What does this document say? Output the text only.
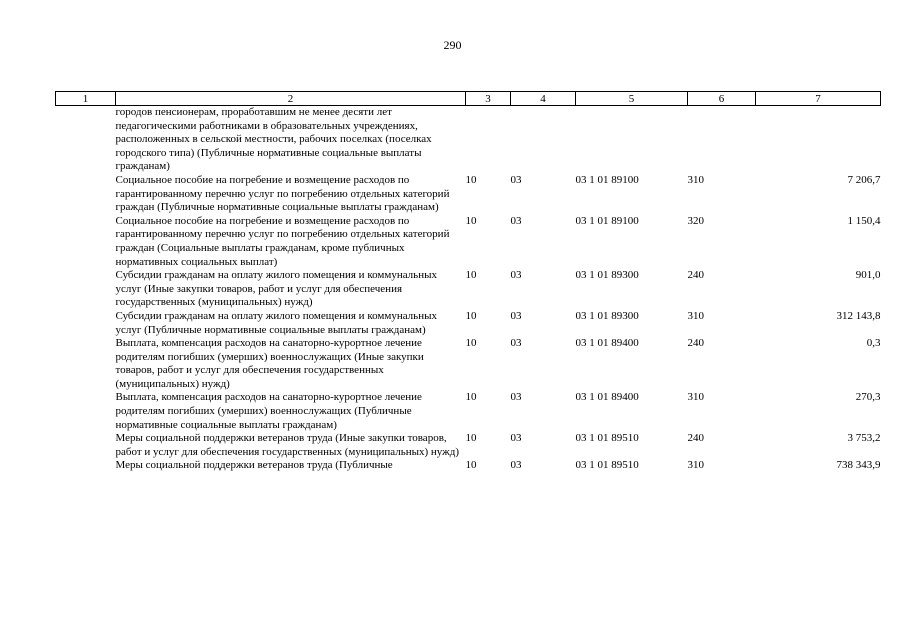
290
1	2	3	4	5	6	7
	городов пенсионерам, проработавшим не менее десяти лет педагогическими работниками в образовательных учреждениях, расположенных в сельской местности, рабочих поселках (поселках городского типа) (Публичные нормативные социальные выплаты гражданам)					
	Социальное пособие на погребение и возмещение расходов по гарантированному перечню услуг по погребению отдельных категорий граждан (Публичные нормативные социальные выплаты гражданам)	10	03	03 1 01 89100	310	7 206,7
	Социальное пособие на погребение и возмещение расходов по гарантированному перечню услуг по погребению отдельных категорий граждан (Социальные выплаты гражданам, кроме публичных нормативных социальных выплат)	10	03	03 1 01 89100	320	1 150,4
	Субсидии гражданам на оплату жилого помещения и коммунальных услуг (Иные закупки товаров, работ и услуг для обеспечения государственных (муниципальных) нужд)	10	03	03 1 01 89300	240	901,0
	Субсидии гражданам на оплату жилого помещения и коммунальных услуг (Публичные нормативные социальные выплаты гражданам)	10	03	03 1 01 89300	310	312 143,8
	Выплата, компенсация расходов на санаторно-курортное лечение родителям погибших (умерших) военнослужащих (Иные закупки товаров, работ и услуг для обеспечения государственных (муниципальных) нужд)	10	03	03 1 01 89400	240	0,3
	Выплата, компенсация расходов на санаторно-курортное лечение родителям погибших (умерших) военнослужащих (Публичные нормативные социальные выплаты гражданам)	10	03	03 1 01 89400	310	270,3
	Меры социальной поддержки ветеранов труда (Иные закупки товаров, работ и услуг для обеспечения государственных (муниципальных) нужд)	10	03	03 1 01 89510	240	3 753,2
	Меры социальной поддержки ветеранов труда (Публичные	10	03	03 1 01 89510	310	738 343,9
